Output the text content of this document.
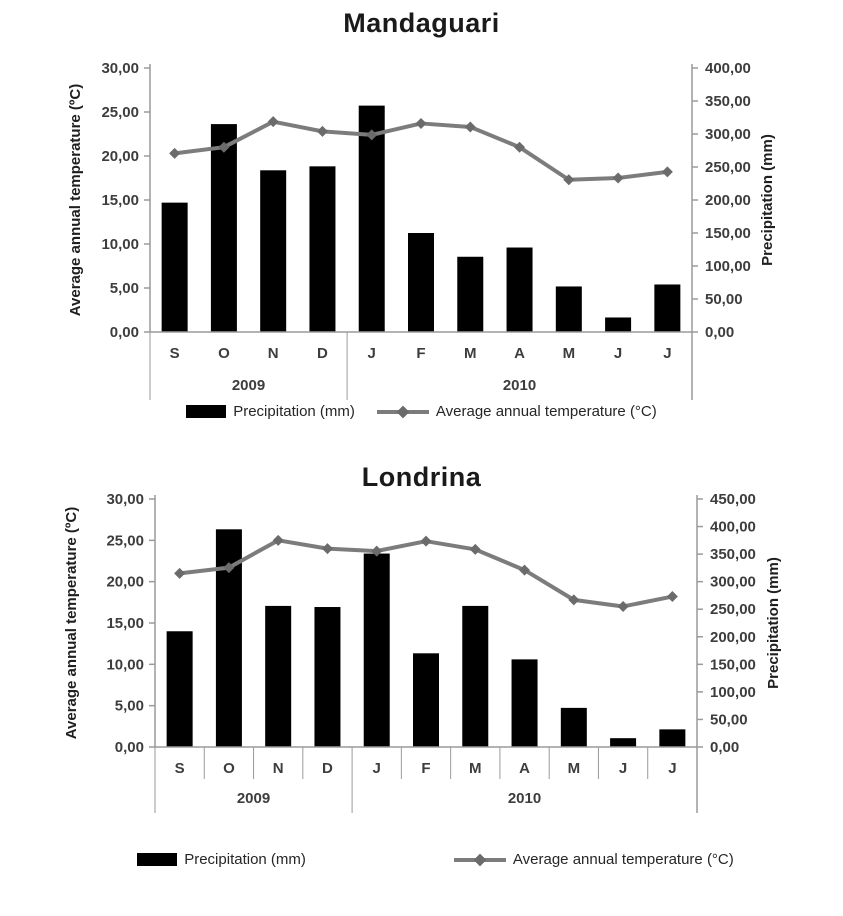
Mandaguari
0,00
5,00
10,00
15,00
20,00
25,00
30,00
0,00
50,00
100,00
150,00
200,00
250,00
300,00
350,00
400,00
S	O	N	D	J	F	M	A	M	J	J
2009	2010
Average annual temperature (ºC)	Precipitation (mm)
Precipitation (mm)	Average annual temperature (°C)
Londrina
0,00
5,00
10,00
15,00
20,00
25,00
30,00
0,00
50,00
100,00
150,00
200,00
250,00
300,00
350,00
400,00
450,00
S	O	N	D	J	F	M	A	M	J	J
2009	2010
Average annual temperature (ºC)	Precipitation (mm)
Precipitation (mm)	Average annual temperature (°C)
